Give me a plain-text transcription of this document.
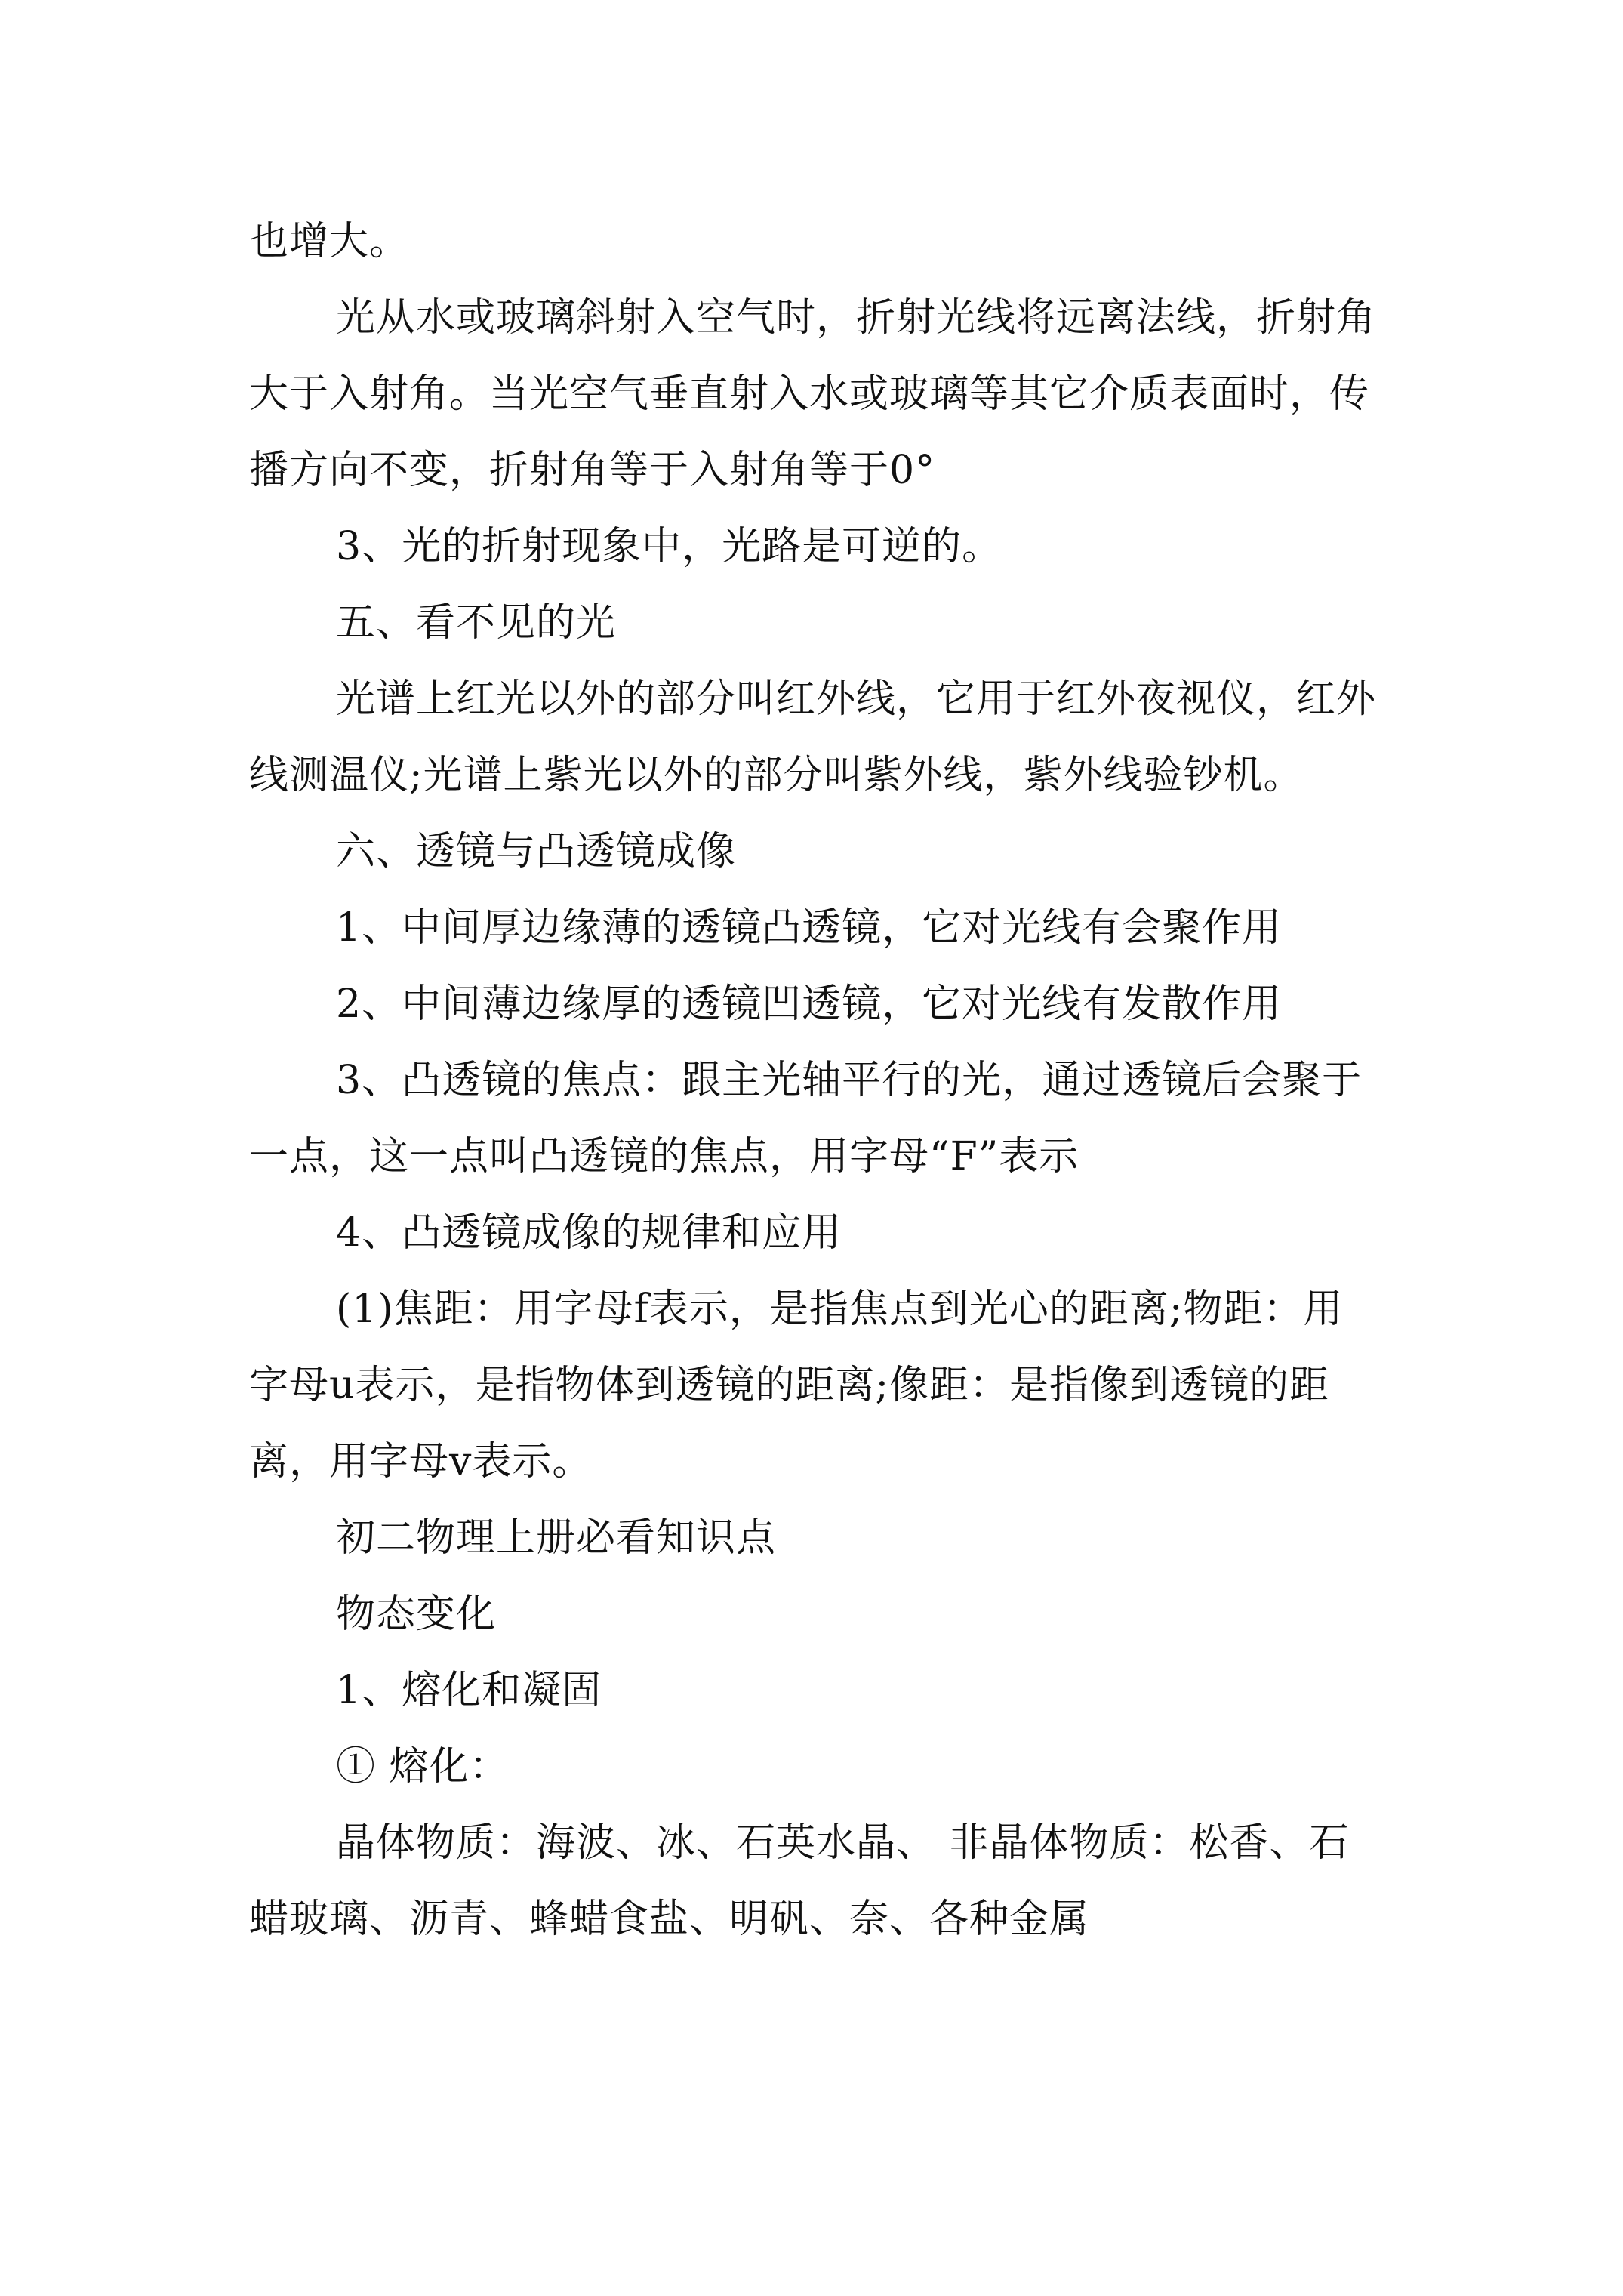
也增大。

光从水或玻璃斜射入空气时，折射光线将远离法线，折射角大于入射角。当光空气垂直射入水或玻璃等其它介质表面时，传播方向不变，折射角等于入射角等于0°

3、光的折射现象中，光路是可逆的。

五、看不见的光

光谱上红光以外的部分叫红外线，它用于红外夜视仪，红外线测温仪;光谱上紫光以外的部分叫紫外线，紫外线验钞机。

六、透镜与凸透镜成像

1、中间厚边缘薄的透镜凸透镜，它对光线有会聚作用

2、中间薄边缘厚的透镜凹透镜，它对光线有发散作用

3、凸透镜的焦点：跟主光轴平行的光，通过透镜后会聚于一点，这一点叫凸透镜的焦点，用字母“F”表示

4、凸透镜成像的规律和应用

(1)焦距：用字母f表示，是指焦点到光心的距离;物距：用字母u表示，是指物体到透镜的距离;像距：是指像到透镜的距离，用字母v表示。

初二物理上册必看知识点

物态变化

1、熔化和凝固

① 熔化：

晶体物质：海波、冰、石英水晶、 非晶体物质：松香、石蜡玻璃、沥青、蜂蜡食盐、明矾、奈、各种金属
